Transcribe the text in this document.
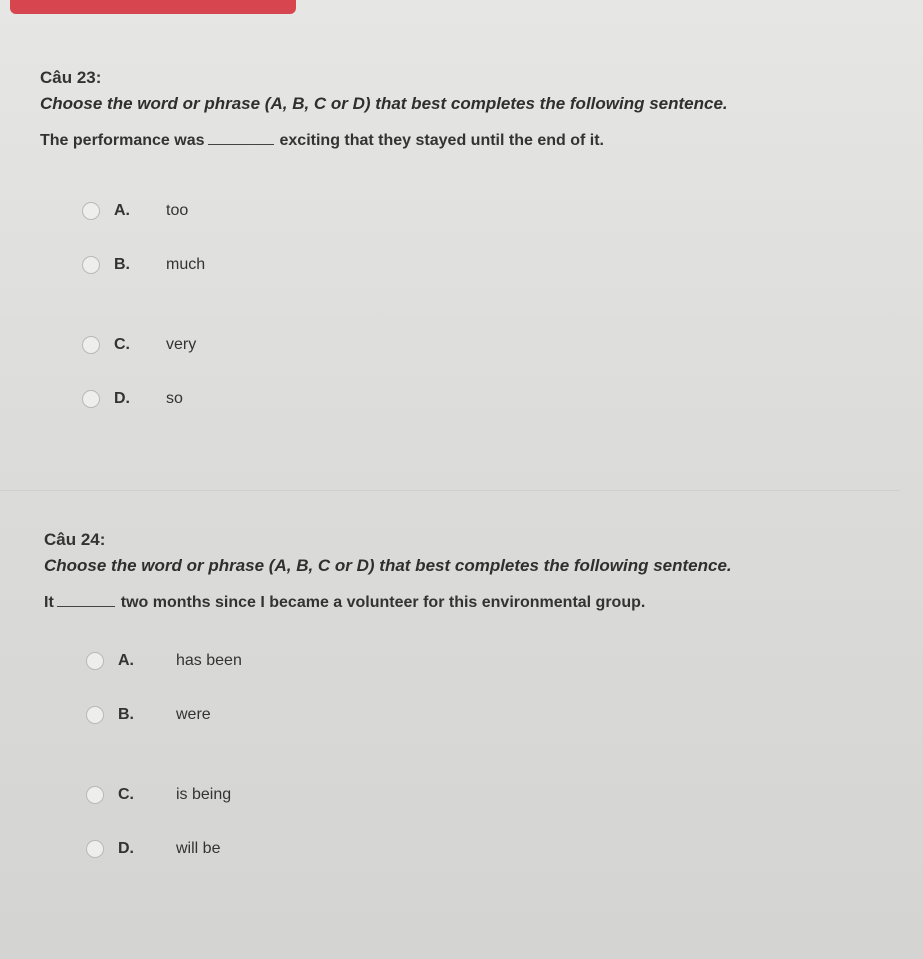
Câu 23:
Choose the word or phrase (A, B, C or D) that best completes the following sentence.
The performance was	exciting that they stayed until the end of it.
A.	too
B.	much
C.	very
D.	so
Câu 24:
Choose the word or phrase (A, B, C or D) that best completes the following sentence.
It	two months since I became a volunteer for this environmental group.
A.	has been
B.	were
C.	is being
D.	will be
